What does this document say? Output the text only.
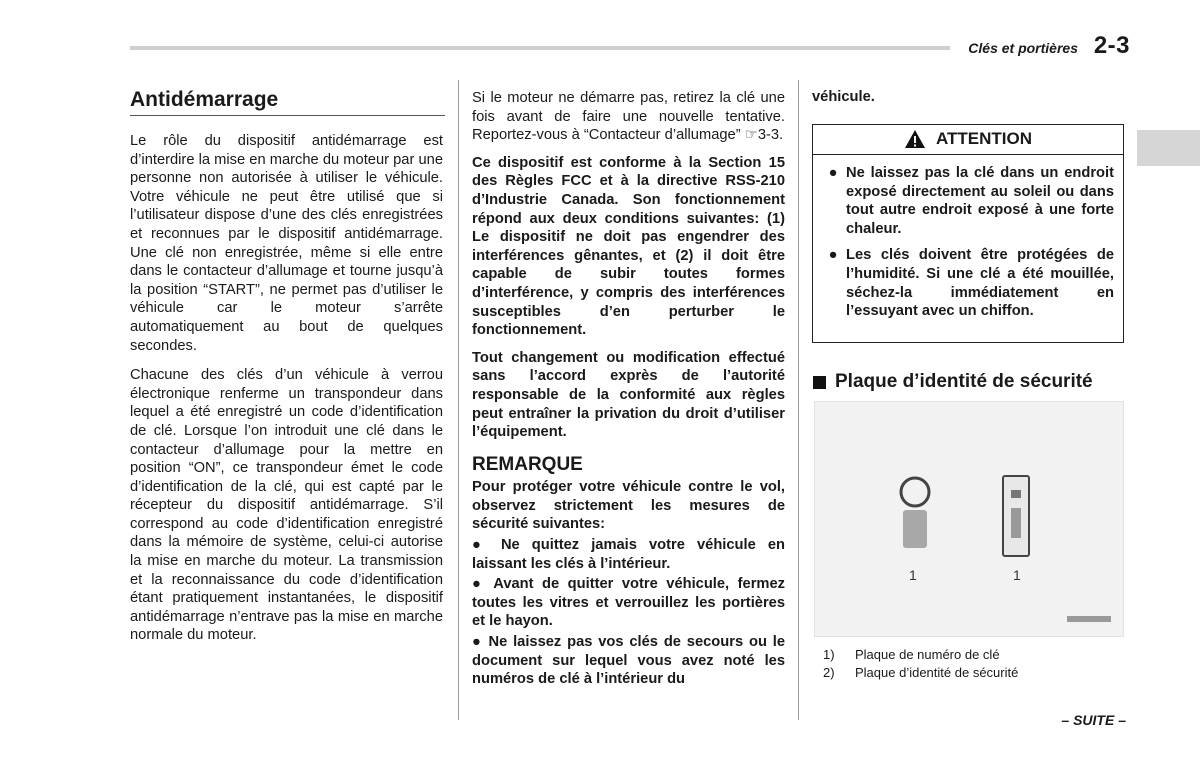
Clés et portières 2-3
Antidémarrage

Le rôle du dispositif antidémarrage est d’interdire la mise en marche du moteur par une personne non autorisée à utiliser le véhicule. Votre véhicule ne peut être utilisé que si l’utilisateur dispose d’une des clés enregistrées et reconnues par le dispositif antidémarrage. Une clé non enregistrée, même si elle entre dans le contacteur d’allumage et tourne jusqu’à la position “START”, ne permet pas d’utiliser le véhicule car le moteur s’arrête automatiquement au bout de quelques secondes.

Chacune des clés d’un véhicule à verrou électronique renferme un transpondeur dans lequel a été enregistré un code d’identification de clé. Lorsque l’on introduit une clé dans le contacteur d’allumage pour la mettre en position “ON”, ce transpondeur émet le code d’identification de la clé, qui est capté par le récepteur du dispositif antidémarrage. S’il correspond au code d’identification enregistré dans la mémoire de système, celui-ci autorise la mise en marche du moteur. La transmission et la reconnaissance du code d’identification étant pratiquement instantanées, le dispositif antidémarrage n’entrave pas la mise en marche normale du moteur.

Si le moteur ne démarre pas, retirez la clé une fois avant de faire une nouvelle tentative. Reportez-vous à “Contacteur d’allumage” ☞3-3.

Ce dispositif est conforme à la Section 15 des Règles FCC et à la directive RSS-210 d’Industrie Canada. Son fonctionnement répond aux deux conditions suivantes: (1) Le dispositif ne doit pas engendrer des interférences gênantes, et (2) il doit être capable de subir toutes formes d’interférence, y compris des interférences susceptibles d’en perturber le fonctionnement.

Tout changement ou modification effectué sans l’accord exprès de l’autorité responsable de la conformité aux règles peut entraîner la privation du droit d’utiliser l’équipement.

REMARQUE

Pour protéger votre véhicule contre le vol, observez strictement les mesures de sécurité suivantes:

● Ne quittez jamais votre véhicule en laissant les clés à l’intérieur.

● Avant de quitter votre véhicule, fermez toutes les vitres et verrouillez les portières et le hayon.

● Ne laissez pas vos clés de secours ou le document sur lequel vous avez noté les numéros de clé à l’intérieur du

véhicule.
ATTENTION
● Ne laissez pas la clé dans un endroit exposé directement au soleil ou dans tout autre endroit exposé à une forte chaleur.
● Les clés doivent être protégées de l’humidité. Si une clé a été mouillée, séchez-la immédiatement en l’essuyant avec un chiffon.
Plaque d’identité de sécurité
1	1
1)	Plaque de numéro de clé
2)	Plaque d’identité de sécurité
– SUITE –
